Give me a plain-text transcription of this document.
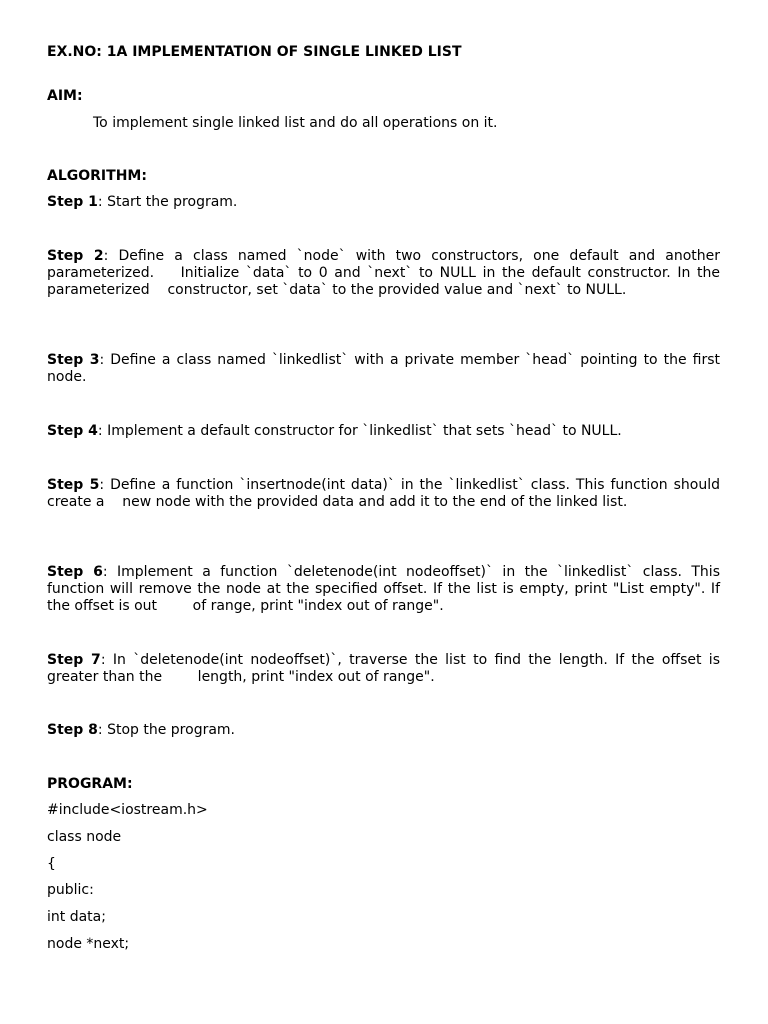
EX.NO: 1A IMPLEMENTATION OF SINGLE LINKED LIST

AIM:

To implement single linked list and do all operations on it.

ALGORITHM:

Step 1: Start the program.

Step 2: Define a class named `node` with two constructors, one default and another parameterized.    Initialize `data` to 0 and `next` to NULL in the default constructor. In the parameterized    constructor, set `data` to the provided value and `next` to NULL.

Step 3: Define a class named `linkedlist` with a private member `head` pointing to the first node.

Step 4: Implement a default constructor for `linkedlist` that sets `head` to NULL.

Step 5: Define a function `insertnode(int data)` in the `linkedlist` class. This function should create a    new node with the provided data and add it to the end of the linked list.

Step 6: Implement a function `deletenode(int nodeoffset)` in the `linkedlist` class. This function will remove the node at the specified offset. If the list is empty, print "List empty". If the offset is out        of range, print "index out of range".

Step 7: In `deletenode(int nodeoffset)`, traverse the list to find the length. If the offset is greater than the        length, print "index out of range".

Step 8: Stop the program.

PROGRAM:

#include<iostream.h>

class node

{

public:

int data;

node *next;
